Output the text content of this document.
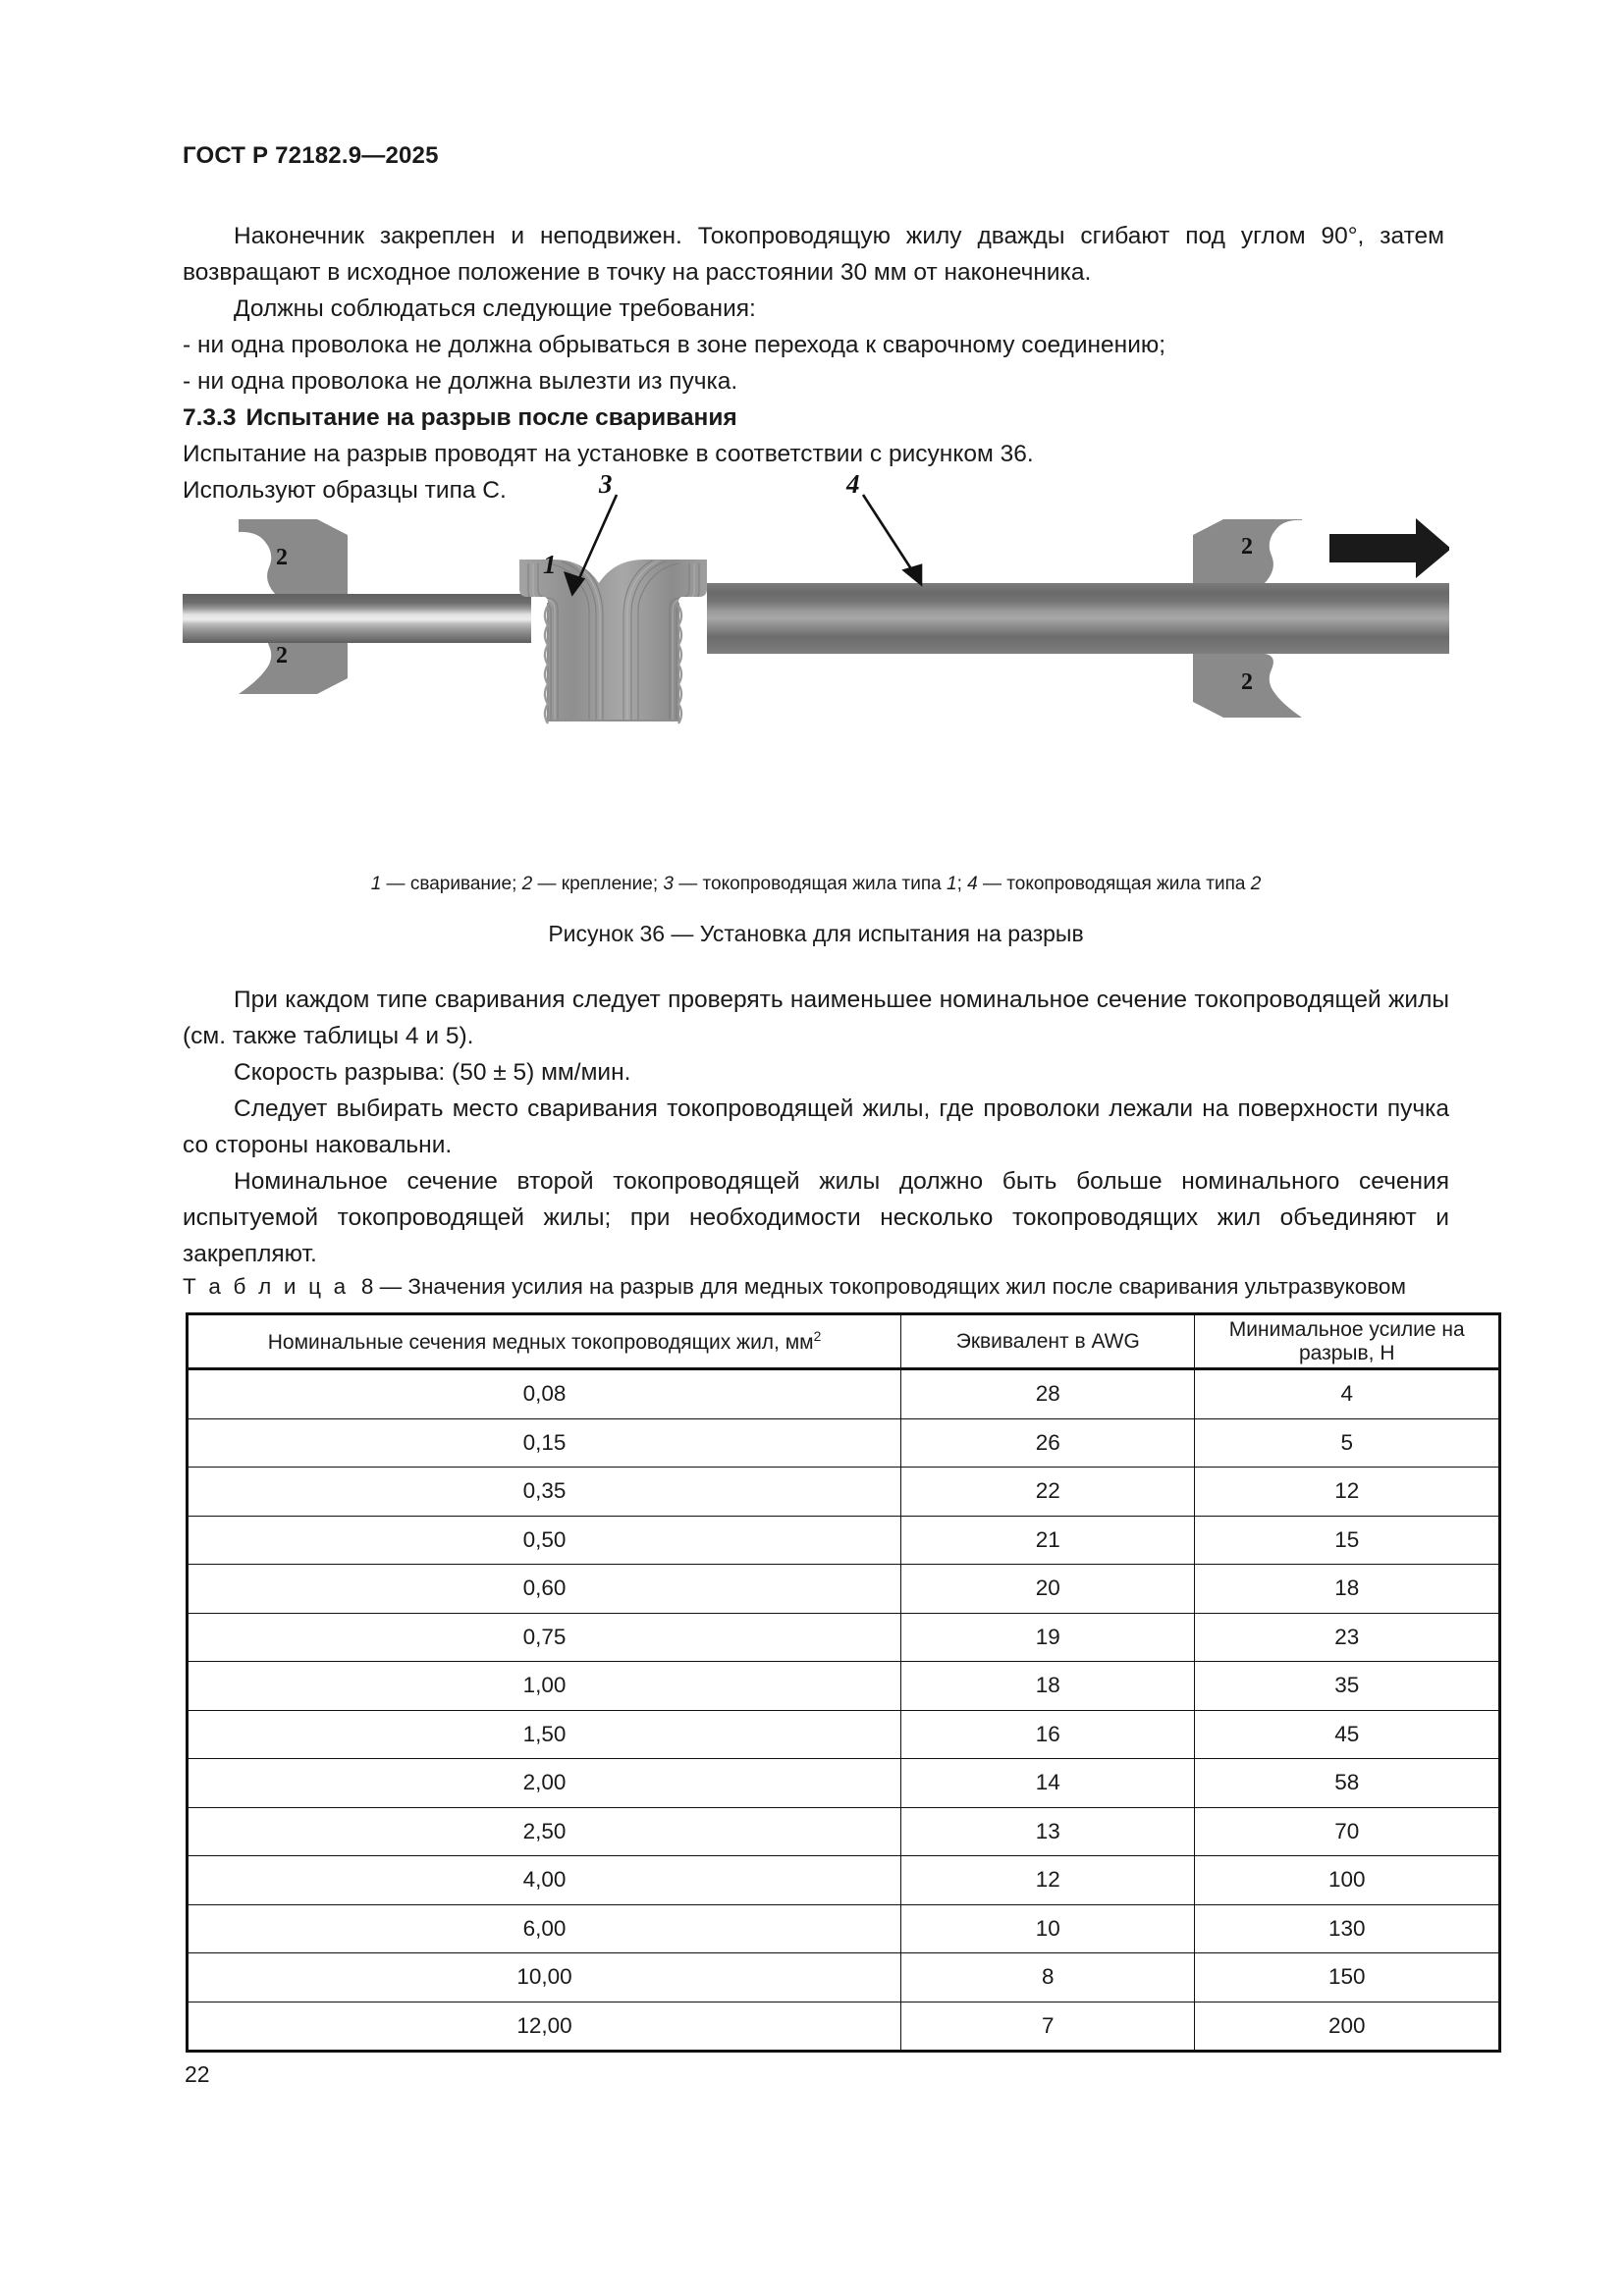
ГОСТ Р 72182.9—2025

Наконечник закреплен и неподвижен. Токопроводящую жилу дважды сгибают под углом 90°, затем возвращают в исходное положение в точку на расстоянии 30 мм от наконечника.

Должны соблюдаться следующие требования:

- ни одна проволока не должна обрываться в зоне перехода к сварочному соединению;

- ни одна проволока не должна вылезти из пучка.

7.3.3 Испытание на разрыв после сваривания

Испытание на разрыв проводят на установке в соответствии с рисунком 36.

Используют образцы типа С.	3	4
1
2
2
2
2
1 — сваривание; 2 — крепление; 3 — токопроводящая жила типа 1; 4 — токопроводящая жила типа 2
Рисунок 36 — Установка для испытания на разрыв

При каждом типе сваривания следует проверять наименьшее номинальное сечение токопроводящей жилы (см. также таблицы 4 и 5).

Скорость разрыва: (50 ± 5) мм/мин.

Следует выбирать место сваривания токопроводящей жилы, где проволоки лежали на поверхности пучка со стороны наковальни.

Номинальное сечение второй токопроводящей жилы должно быть больше номинального сечения испытуемой токопроводящей жилы; при необходимости несколько токопроводящих жил объединяют и закрепляют.

Т а б л и ц а 8 — Значения усилия на разрыв для медных токопроводящих жил после сваривания ультразвуковом
Номинальные сечения медных токопроводящих жил, $мм^2$	Эквивалент в AWG	Минимальное усилие на разрыв, Н
0,08	28	4
0,15	26	5
0,35	22	12
0,50	21	15
0,60	20	18
0,75	19	23
1,00	18	35
1,50	16	45
2,00	14	58
2,50	13	70
4,00	12	100
6,00	10	130
10,00	8	150
12,00	7	200
22
